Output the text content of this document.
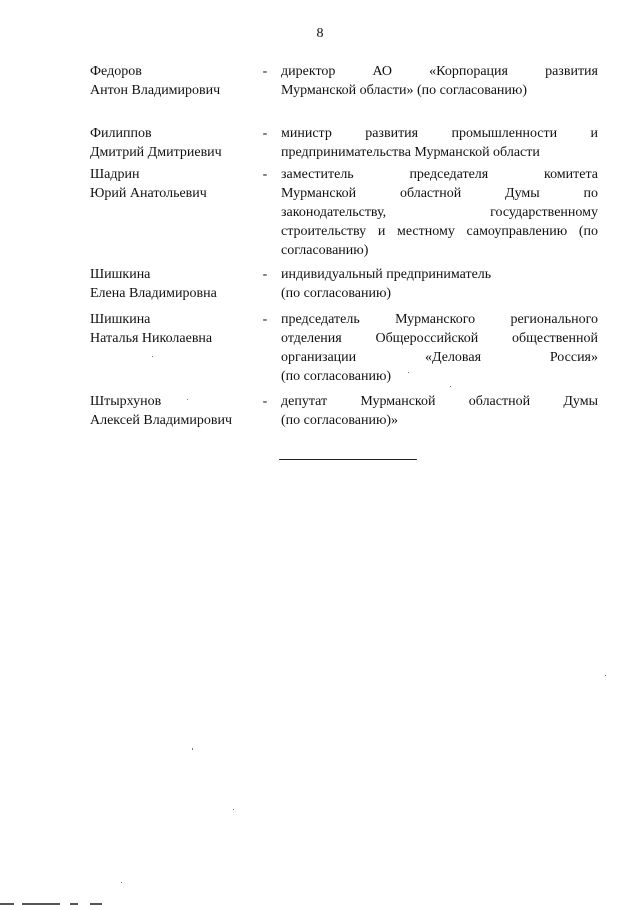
8
Федоров
Антон Владимирович
- директор АО «Корпорация развития
Мурманской области» (по согласованию)
Филиппов
Дмитрий Дмитриевич
- министр развития промышленности и
предпринимательства Мурманской области
Шадрин
Юрий Анатольевич
- заместитель председателя комитета
Мурманской областной Думы по
законодательству, государственному
строительству и местному самоуправлению (по
согласованию)
Шишкина
Елена Владимировна
- индивидуальный предприниматель
(по согласованию)
Шишкина
Наталья Николаевна
- председатель Мурманского регионального
отделения Общероссийской общественной
организации «Деловая Россия»
(по согласованию)
Штырхунов
Алексей Владимирович
- депутат Мурманской областной Думы
(по согласованию)»
